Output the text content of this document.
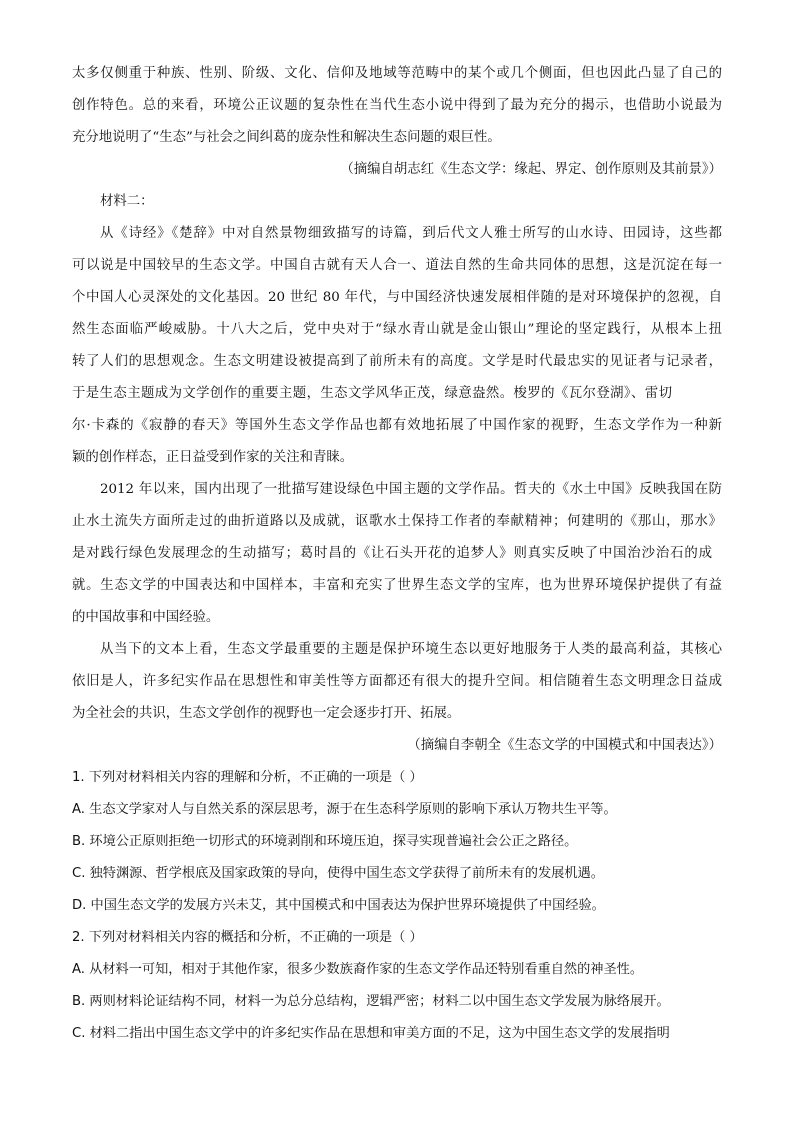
太多仅侧重于种族、性别、阶级、文化、信仰及地域等范畴中的某个或几个侧面，但也因此凸显了自己的
创作特色。总的来看，环境公正议题的复杂性在当代生态小说中得到了最为充分的揭示，也借助小说最为
充分地说明了“生态”与社会之间纠葛的庞杂性和解决生态问题的艰巨性。
（摘编自胡志红《生态文学：缘起、界定、创作原则及其前景》）
材料二：
从《诗经》《楚辞》中对自然景物细致描写的诗篇，到后代文人雅士所写的山水诗、田园诗，这些都
可以说是中国较早的生态文学。中国自古就有天人合一、道法自然的生命共同体的思想，这是沉淀在每一
个中国人心灵深处的文化基因。20 世纪 80 年代，与中国经济快速发展相伴随的是对环境保护的忽视，自
然生态面临严峻威胁。十八大之后，党中央对于“绿水青山就是金山银山”理论的坚定践行，从根本上扭
转了人们的思想观念。生态文明建设被提高到了前所未有的高度。文学是时代最忠实的见证者与记录者，
于是生态主题成为文学创作的重要主题，生态文学风华正茂，绿意盎然。梭罗的《瓦尔登湖》、雷切
尔·卡森的《寂静的春天》等国外生态文学作品也都有效地拓展了中国作家的视野，生态文学作为一种新
颖的创作样态，正日益受到作家的关注和青睐。
2012 年以来，国内出现了一批描写建设绿色中国主题的文学作品。哲夫的《水土中国》反映我国在防
止水土流失方面所走过的曲折道路以及成就，讴歌水土保持工作者的奉献精神；何建明的《那山，那水》
是对践行绿色发展理念的生动描写；葛时昌的《让石头开花的追梦人》则真实反映了中国治沙治石的成
就。生态文学的中国表达和中国样本，丰富和充实了世界生态文学的宝库，也为世界环境保护提供了有益
的中国故事和中国经验。
从当下的文本上看，生态文学最重要的主题是保护环境生态以更好地服务于人类的最高利益，其核心
依旧是人，许多纪实作品在思想性和审美性等方面都还有很大的提升空间。相信随着生态文明理念日益成
为全社会的共识，生态文学创作的视野也一定会逐步打开、拓展。
（摘编自李朝全《生态文学的中国模式和中国表达》）
1. 下列对材料相关内容的理解和分析，不正确的一项是（ ）
A. 生态文学家对人与自然关系的深层思考，源于在生态科学原则的影响下承认万物共生平等。
B. 环境公正原则拒绝一切形式的环境剥削和环境压迫，探寻实现普遍社会公正之路径。
C. 独特渊源、哲学根底及国家政策的导向，使得中国生态文学获得了前所未有的发展机遇。
D. 中国生态文学的发展方兴未艾，其中国模式和中国表达为保护世界环境提供了中国经验。
2. 下列对材料相关内容的概括和分析，不正确的一项是（ ）
A. 从材料一可知，相对于其他作家，很多少数族裔作家的生态文学作品还特别看重自然的神圣性。
B. 两则材料论证结构不同，材料一为总分总结构，逻辑严密；材料二以中国生态文学发展为脉络展开。
C. 材料二指出中国生态文学中的许多纪实作品在思想和审美方面的不足，这为中国生态文学的发展指明
